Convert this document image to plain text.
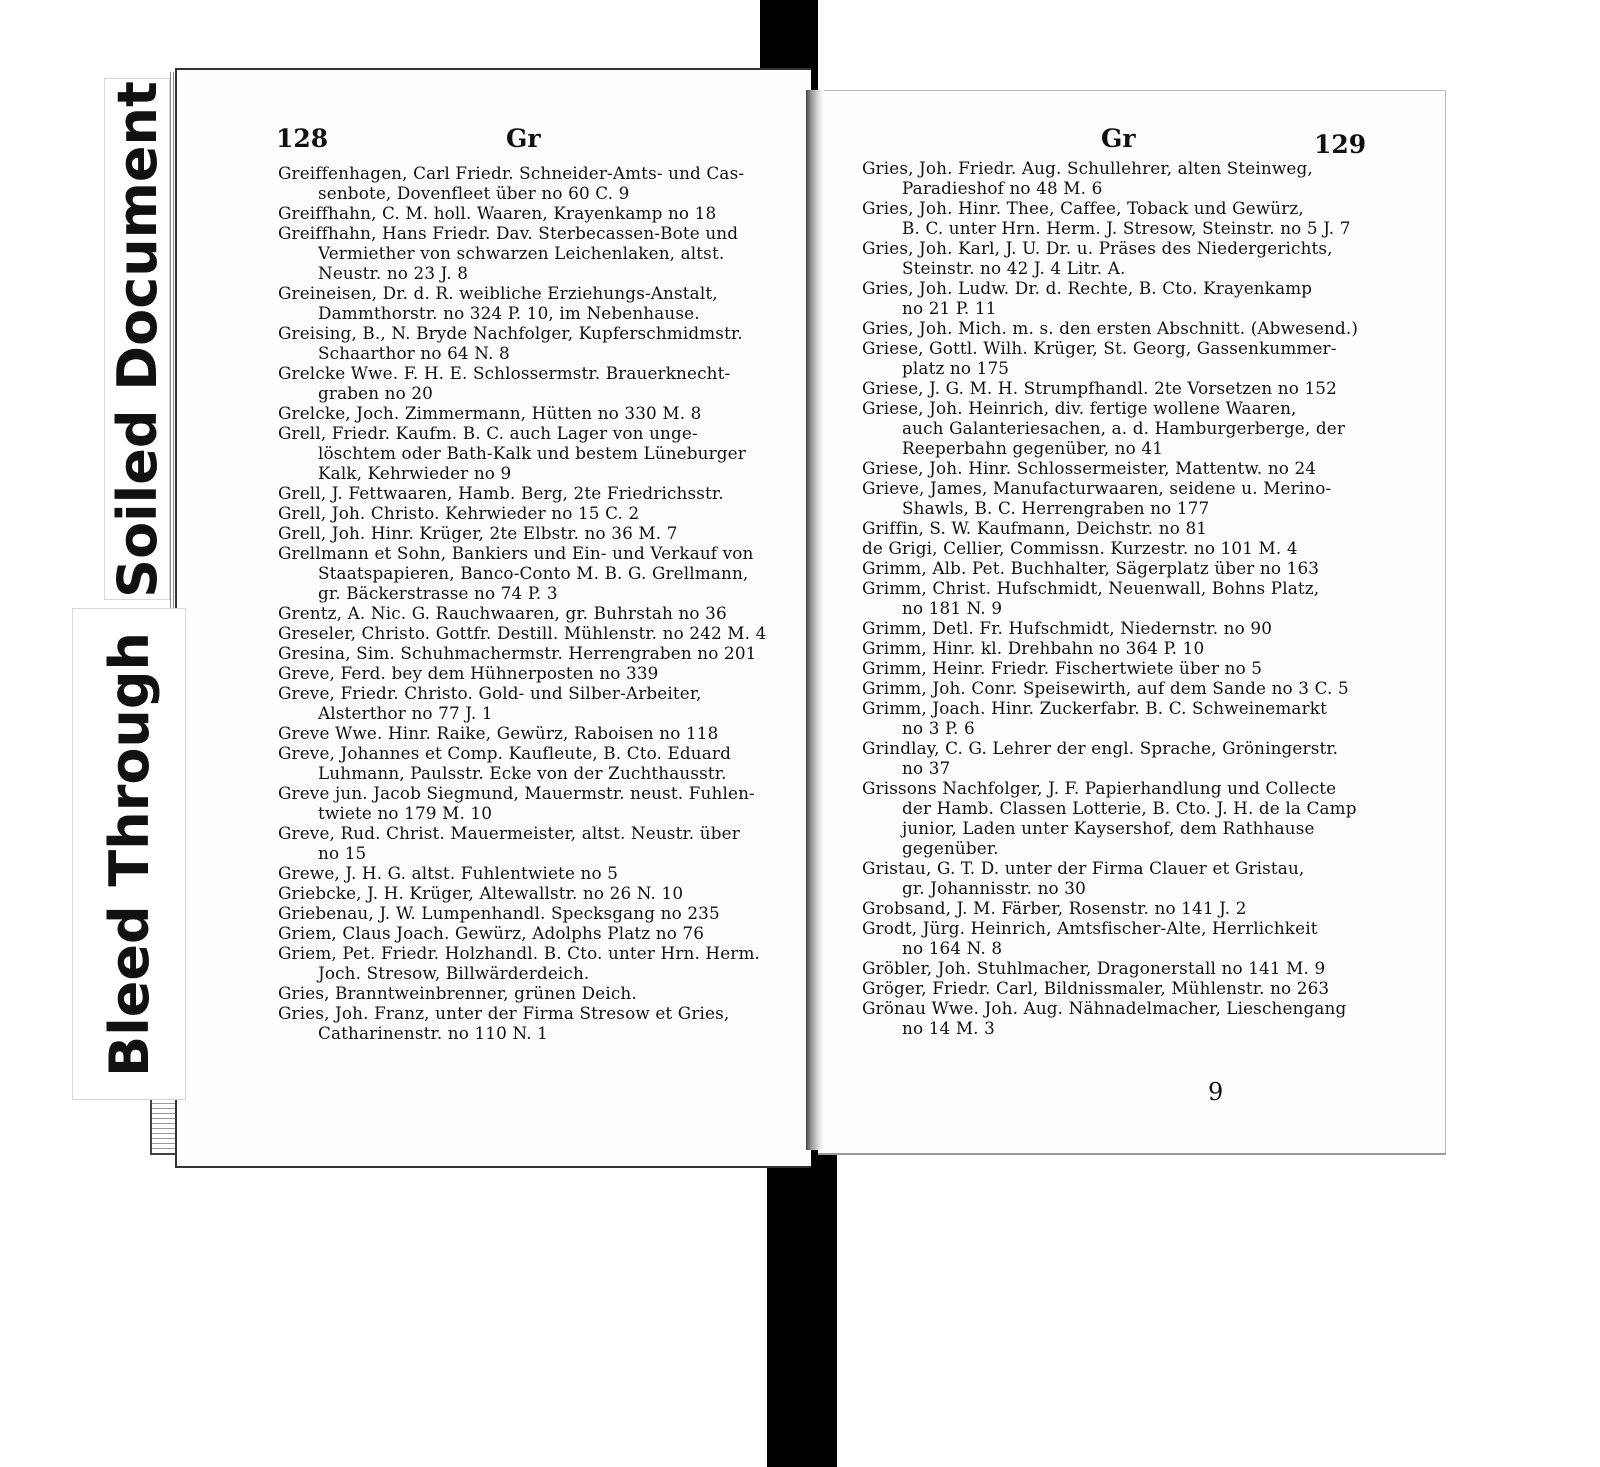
128	Gr	Gr	129
Greiffenhagen, Carl Friedr. Schneider-Amts- und Cas-
senbote, Dovenfleet über no 60 C. 9
Greiffhahn, C. M. holl. Waaren, Krayenkamp no 18
Greiffhahn, Hans Friedr. Dav. Sterbecassen-Bote und
Vermiether von schwarzen Leichenlaken, altst.
Neustr. no 23 J. 8
Greineisen, Dr. d. R. weibliche Erziehungs-Anstalt,
Dammthorstr. no 324 P. 10, im Nebenhause.
Greising, B., N. Bryde Nachfolger, Kupferschmidmstr.
Schaarthor no 64 N. 8
Grelcke Wwe. F. H. E. Schlossermstr. Brauerknecht-
graben no 20
Grelcke, Joch. Zimmermann, Hütten no 330 M. 8
Grell, Friedr. Kaufm. B. C. auch Lager von unge-
löschtem oder Bath-Kalk und bestem Lüneburger
Kalk, Kehrwieder no 9
Grell, J. Fettwaaren, Hamb. Berg, 2te Friedrichsstr.
Grell, Joh. Christo. Kehrwieder no 15 C. 2
Grell, Joh. Hinr. Krüger, 2te Elbstr. no 36 M. 7
Grellmann et Sohn, Bankiers und Ein- und Verkauf von
Staatspapieren, Banco-Conto M. B. G. Grellmann,
gr. Bäckerstrasse no 74 P. 3
Grentz, A. Nic. G. Rauchwaaren, gr. Buhrstah no 36
Greseler, Christo. Gottfr. Destill. Mühlenstr. no 242 M. 4
Gresina, Sim. Schuhmachermstr. Herrengraben no 201
Greve, Ferd. bey dem Hühnerposten no 339
Greve, Friedr. Christo. Gold- und Silber-Arbeiter,
Alsterthor no 77 J. 1
Greve Wwe. Hinr. Raike, Gewürz, Raboisen no 118
Greve, Johannes et Comp. Kaufleute, B. Cto. Eduard
Luhmann, Paulsstr. Ecke von der Zuchthausstr.
Greve jun. Jacob Siegmund, Mauermstr. neust. Fuhlen-
twiete no 179 M. 10
Greve, Rud. Christ. Mauermeister, altst. Neustr. über
no 15
Grewe, J. H. G. altst. Fuhlentwiete no 5
Griebcke, J. H. Krüger, Altewallstr. no 26 N. 10
Griebenau, J. W. Lumpenhandl. Specksgang no 235
Griem, Claus Joach. Gewürz, Adolphs Platz no 76
Griem, Pet. Friedr. Holzhandl. B. Cto. unter Hrn. Herm.
Joch. Stresow, Billwärderdeich.
Gries, Branntweinbrenner, grünen Deich.
Gries, Joh. Franz, unter der Firma Stresow et Gries,
Catharinenstr. no 110 N. 1
Gries, Joh. Friedr. Aug. Schullehrer, alten Steinweg,
Paradieshof no 48 M. 6
Gries, Joh. Hinr. Thee, Caffee, Toback und Gewürz,
B. C. unter Hrn. Herm. J. Stresow, Steinstr. no 5 J. 7
Gries, Joh. Karl, J. U. Dr. u. Präses des Niedergerichts,
Steinstr. no 42 J. 4 Litr. A.
Gries, Joh. Ludw. Dr. d. Rechte, B. Cto. Krayenkamp
no 21 P. 11
Gries, Joh. Mich. m. s. den ersten Abschnitt. (Abwesend.)
Griese, Gottl. Wilh. Krüger, St. Georg, Gassenkummer-
platz no 175
Griese, J. G. M. H. Strumpfhandl. 2te Vorsetzen no 152
Griese, Joh. Heinrich, div. fertige wollene Waaren,
auch Galanteriesachen, a. d. Hamburgerberge, der
Reeperbahn gegenüber, no 41
Griese, Joh. Hinr. Schlossermeister, Mattentw. no 24
Grieve, James, Manufacturwaaren, seidene u. Merino-
Shawls, B. C. Herrengraben no 177
Griffin, S. W. Kaufmann, Deichstr. no 81
de Grigi, Cellier, Commissn. Kurzestr. no 101 M. 4
Grimm, Alb. Pet. Buchhalter, Sägerplatz über no 163
Grimm, Christ. Hufschmidt, Neuenwall, Bohns Platz,
no 181 N. 9
Grimm, Detl. Fr. Hufschmidt, Niedernstr. no 90
Grimm, Hinr. kl. Drehbahn no 364 P. 10
Grimm, Heinr. Friedr. Fischertwiete über no 5
Grimm, Joh. Conr. Speisewirth, auf dem Sande no 3 C. 5
Grimm, Joach. Hinr. Zuckerfabr. B. C. Schweinemarkt
no 3 P. 6
Grindlay, C. G. Lehrer der engl. Sprache, Gröningerstr.
no 37
Grissons Nachfolger, J. F. Papierhandlung und Collecte
der Hamb. Classen Lotterie, B. Cto. J. H. de la Camp
junior, Laden unter Kaysershof, dem Rathhause
gegenüber.
Gristau, G. T. D. unter der Firma Clauer et Gristau,
gr. Johannisstr. no 30
Grobsand, J. M. Färber, Rosenstr. no 141 J. 2
Grodt, Jürg. Heinrich, Amtsfischer-Alte, Herrlichkeit
no 164 N. 8
Gröbler, Joh. Stuhlmacher, Dragonerstall no 141 M. 9
Gröger, Friedr. Carl, Bildnissmaler, Mühlenstr. no 263
Grönau Wwe. Joh. Aug. Nähnadelmacher, Lieschengang
no 14 M. 3
9
Soiled Document
Bleed Through
